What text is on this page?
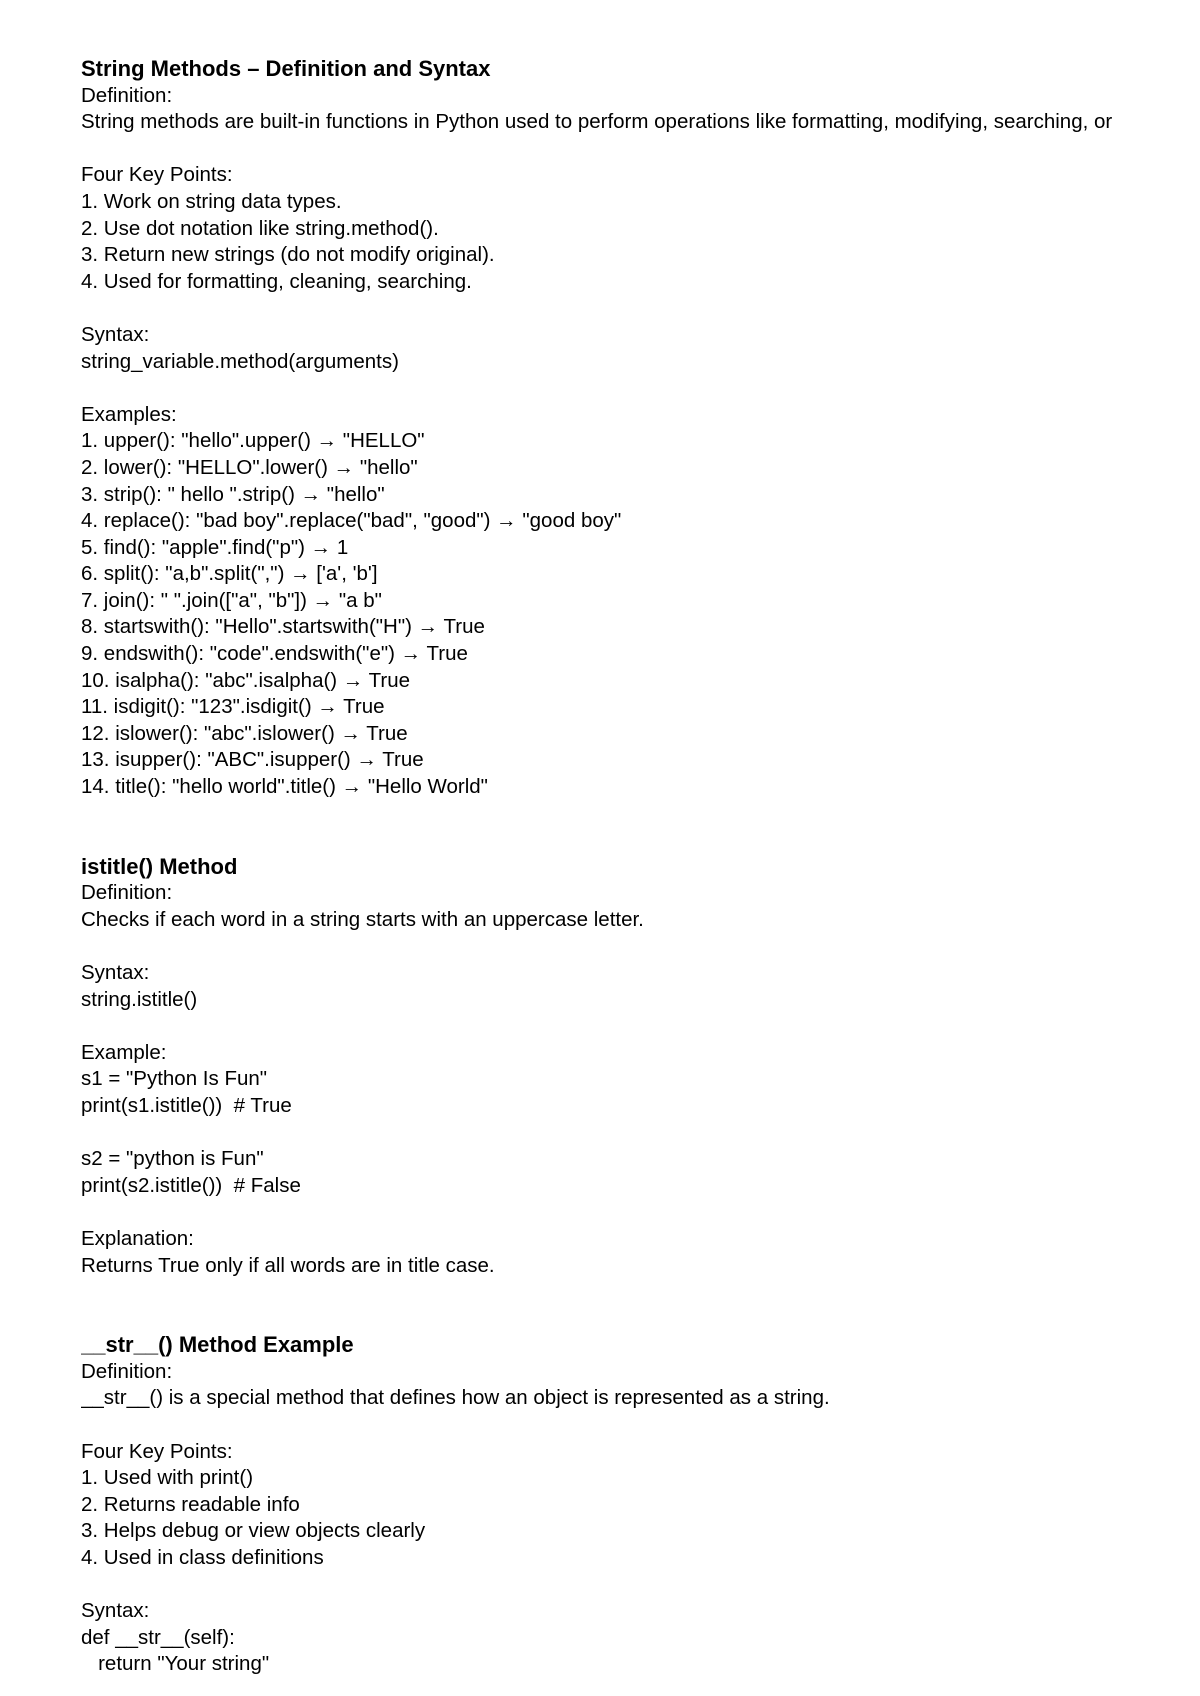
String Methods – Definition and Syntax
Definition:
String methods are built-in functions in Python used to perform operations like formatting, modifying, searching, or
Four Key Points:
1. Work on string data types.
2. Use dot notation like string.method().
3. Return new strings (do not modify original).
4. Used for formatting, cleaning, searching.
Syntax:
string_variable.method(arguments)
Examples:
1. upper(): "hello".upper() → "HELLO"
2. lower(): "HELLO".lower() → "hello"
3. strip(): " hello ".strip() → "hello"
4. replace(): "bad boy".replace("bad", "good") → "good boy"
5. find(): "apple".find("p") → 1
6. split(): "a,b".split(",") → ['a', 'b']
7. join(): " ".join(["a", "b"]) → "a b"
8. startswith(): "Hello".startswith("H") → True
9. endswith(): "code".endswith("e") → True
10. isalpha(): "abc".isalpha() → True
11. isdigit(): "123".isdigit() → True
12. islower(): "abc".islower() → True
13. isupper(): "ABC".isupper() → True
14. title(): "hello world".title() → "Hello World"
istitle() Method
Definition:
Checks if each word in a string starts with an uppercase letter.
Syntax:
string.istitle()
Example:
s1 = "Python Is Fun"
print(s1.istitle())  # True
s2 = "python is Fun"
print(s2.istitle())  # False
Explanation:
Returns True only if all words are in title case.
__str__() Method Example
Definition:
__str__() is a special method that defines how an object is represented as a string.
Four Key Points:
1. Used with print()
2. Returns readable info
3. Helps debug or view objects clearly
4. Used in class definitions
Syntax:
def __str__(self):
return "Your string"
